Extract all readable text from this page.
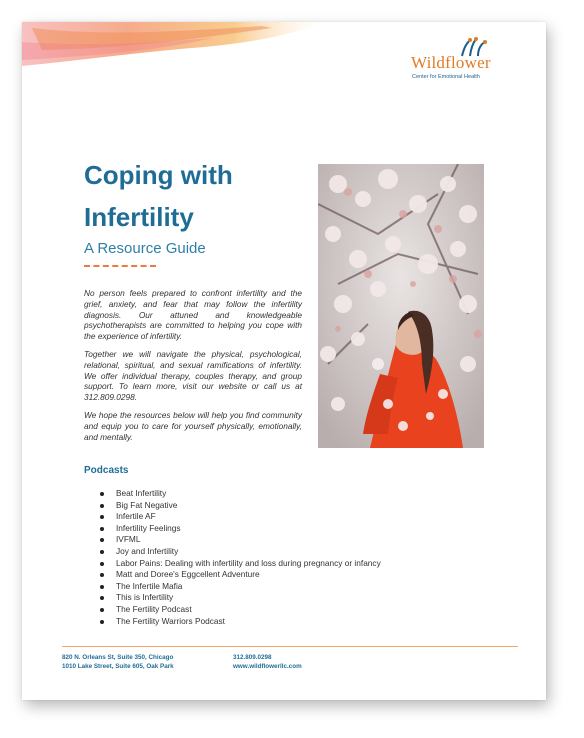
Wildflower
Center for Emotional Health
Coping with Infertility
A Resource Guide

No person feels prepared to confront infertility and the grief, anxiety, and fear that may follow the infertility diagnosis. Our attuned and knowledgeable psychotherapists are committed to helping you cope with the experience of infertility.

Together we will navigate the physical, psychological, relational, spiritual, and sexual ramifications of infertility. We offer individual therapy, couples therapy, and group support. To learn more, visit our website or call us at 312.809.0298.

We hope the resources below will help you find community and equip you to care for yourself physically, emotionally, and mentally.

Podcasts
Beat Infertility
Big Fat Negative
Infertile AF
Infertility Feelings
IVFML
Joy and Infertility
Labor Pains: Dealing with infertility and loss during pregnancy or infancy
Matt and Doree's Eggcellent Adventure
The Infertile Mafia
This is Infertility
The Fertility Podcast
The Fertility Warriors Podcast
820 N. Orleans St, Suite 350, Chicago
1010 Lake Street, Suite 605, Oak Park
312.809.0298
www.wildflowerllc.com
